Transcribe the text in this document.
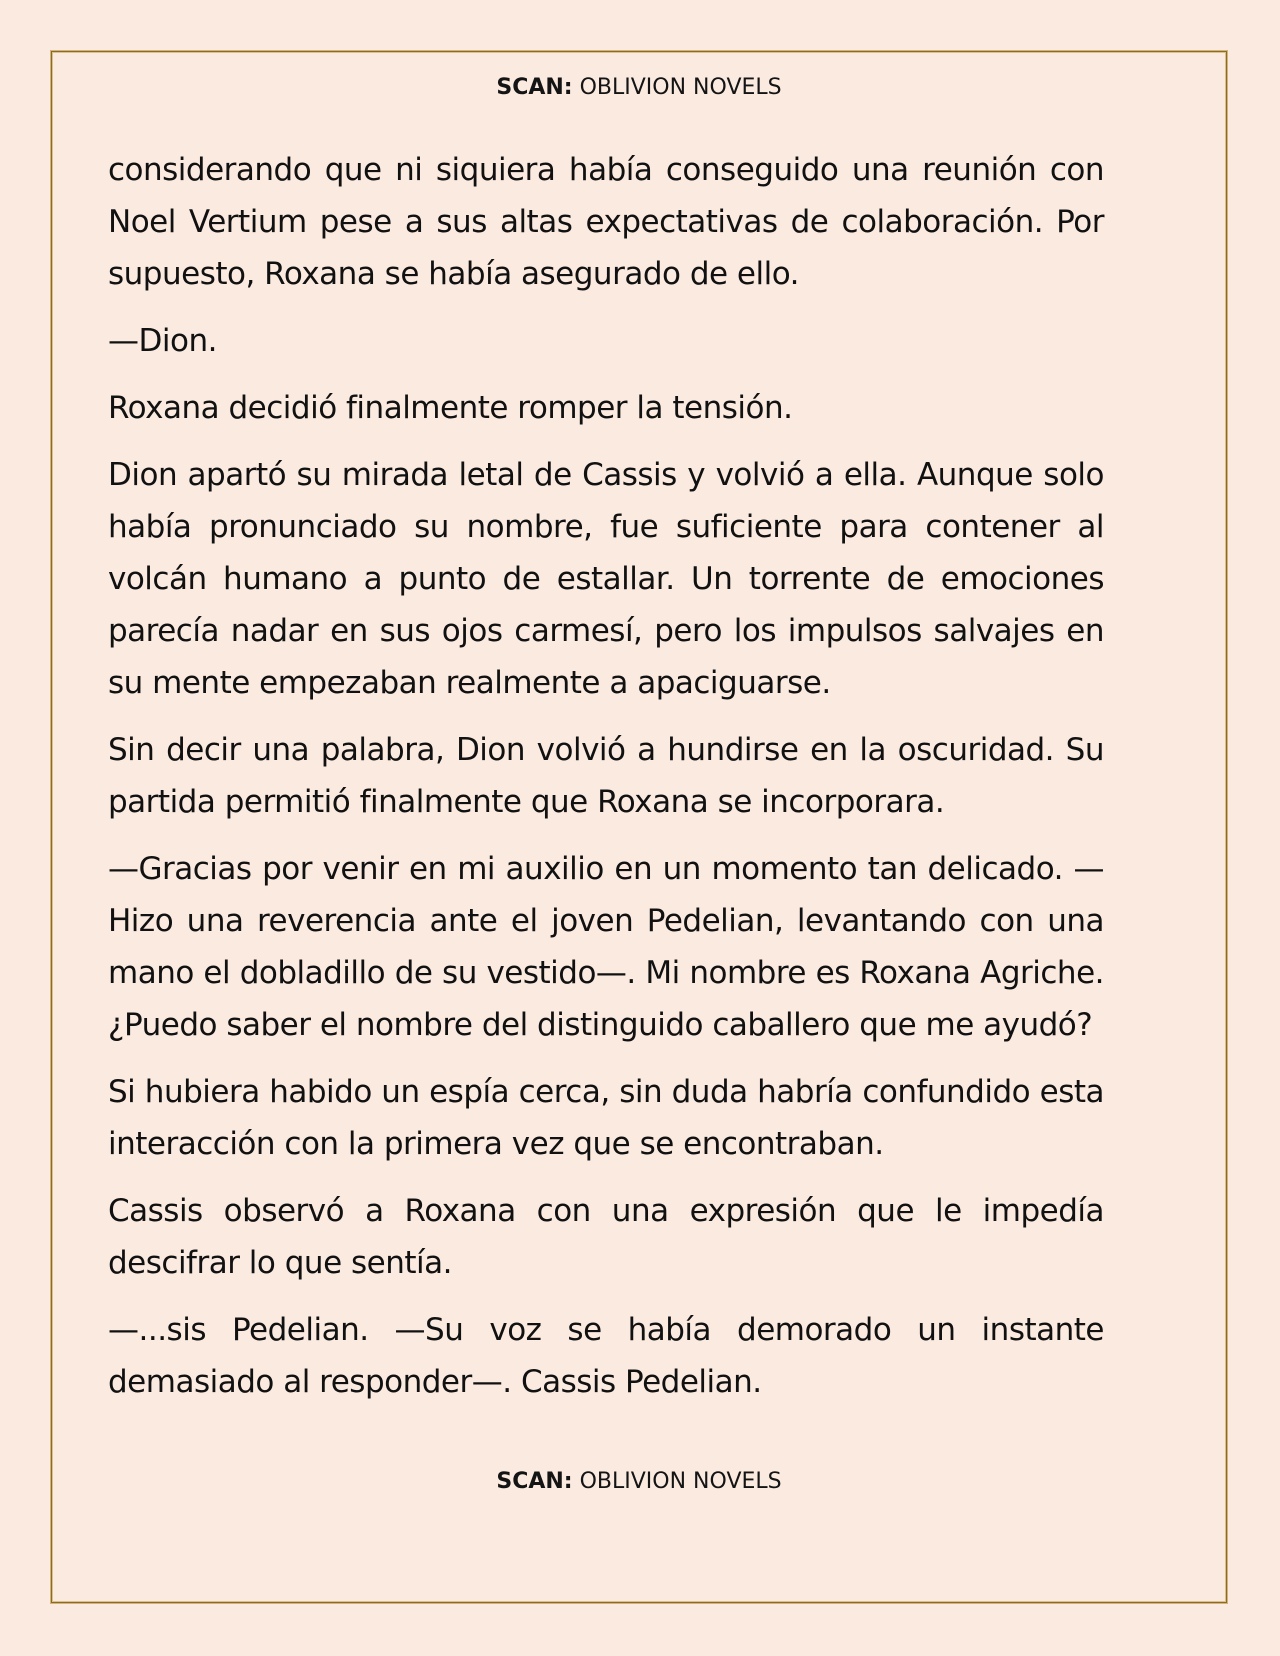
SCAN: OBLIVION NOVELS

considerando que ni siquiera había conseguido una reunión con Noel Vertium pese a sus altas expectativas de colaboración. Por supuesto, Roxana se había asegurado de ello.

—Dion.

Roxana decidió finalmente romper la tensión.

Dion apartó su mirada letal de Cassis y volvió a ella. Aunque solo había pronunciado su nombre, fue suficiente para contener al volcán humano a punto de estallar. Un torrente de emociones parecía nadar en sus ojos carmesí, pero los impulsos salvajes en su mente empezaban realmente a apaciguarse.

Sin decir una palabra, Dion volvió a hundirse en la oscuridad. Su partida permitió finalmente que Roxana se incorporara.

—Gracias por venir en mi auxilio en un momento tan delicado. — Hizo una reverencia ante el joven Pedelian, levantando con una mano el dobladillo de su vestido—. Mi nombre es Roxana Agriche. ¿Puedo saber el nombre del distinguido caballero que me ayudó?

Si hubiera habido un espía cerca, sin duda habría confundido esta interacción con la primera vez que se encontraban.

Cassis observó a Roxana con una expresión que le impedía descifrar lo que sentía.

—...sis Pedelian. —Su voz se había demorado un instante demasiado al responder—. Cassis Pedelian.

SCAN: OBLIVION NOVELS
